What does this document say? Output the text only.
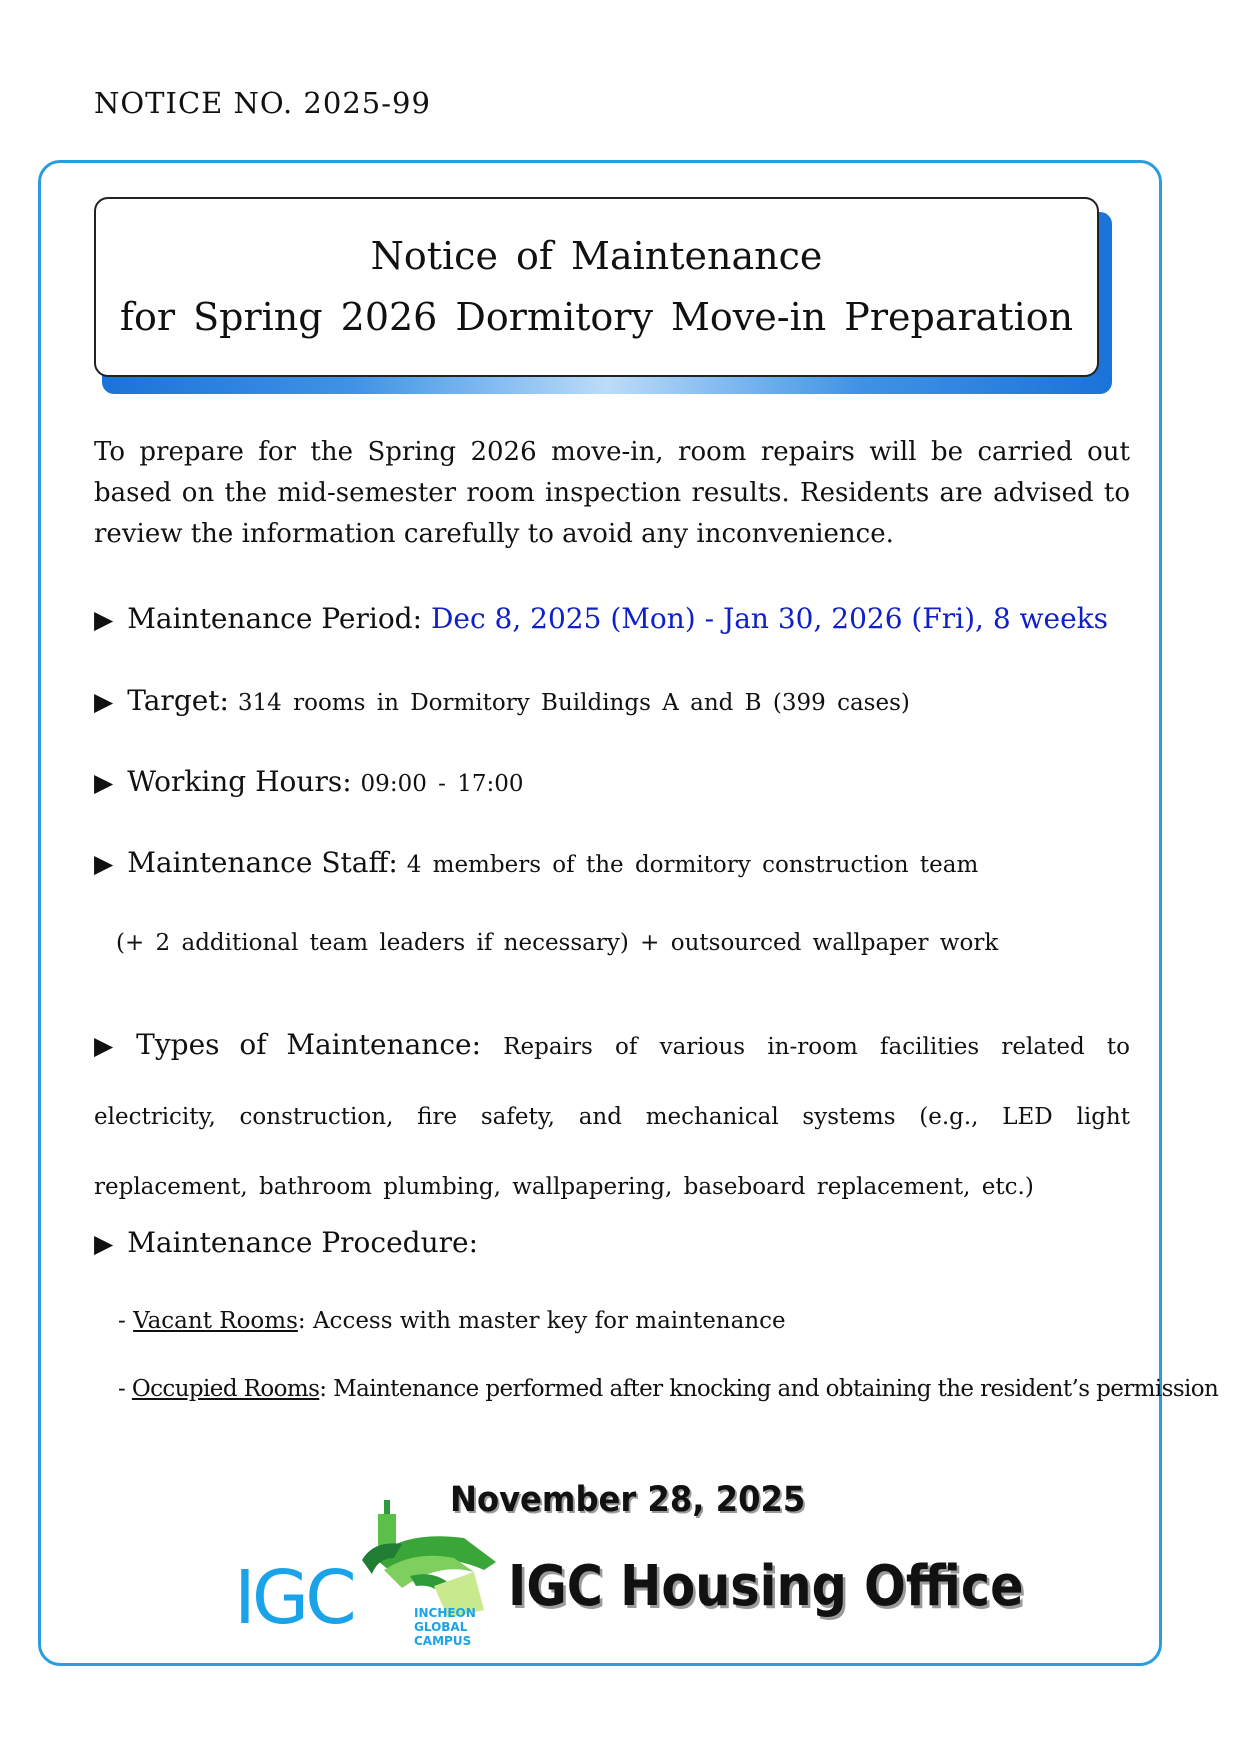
NOTICE NO. 2025-99
Notice of Maintenance
for Spring 2026 Dormitory Move-in Preparation
To prepare for the Spring 2026 move-in, room repairs will be carried out based on the mid-semester room inspection results. Residents are advised to review the information carefully to avoid any inconvenience.
▶ Maintenance Period: Dec 8, 2025 (Mon) - Jan 30, 2026 (Fri), 8 weeks
▶ Target: 314 rooms in Dormitory Buildings A and B (399 cases)
▶ Working Hours: 09:00 - 17:00
▶ Maintenance Staff: 4 members of the dormitory construction team
(+ 2 additional team leaders if necessary) + outsourced wallpaper work
▶ Types of Maintenance: Repairs of various in-room facilities related to electricity, construction, fire safety, and mechanical systems (e.g., LED light replacement, bathroom plumbing, wallpapering, baseboard replacement, etc.)
▶ Maintenance Procedure:
- Vacant Rooms: Access with master key for maintenance
- Occupied Rooms: Maintenance performed after knocking and obtaining the resident’s permission
November 28, 2025
IGC	INCHEON
GLOBAL CAMPUS
IGC Housing Office
